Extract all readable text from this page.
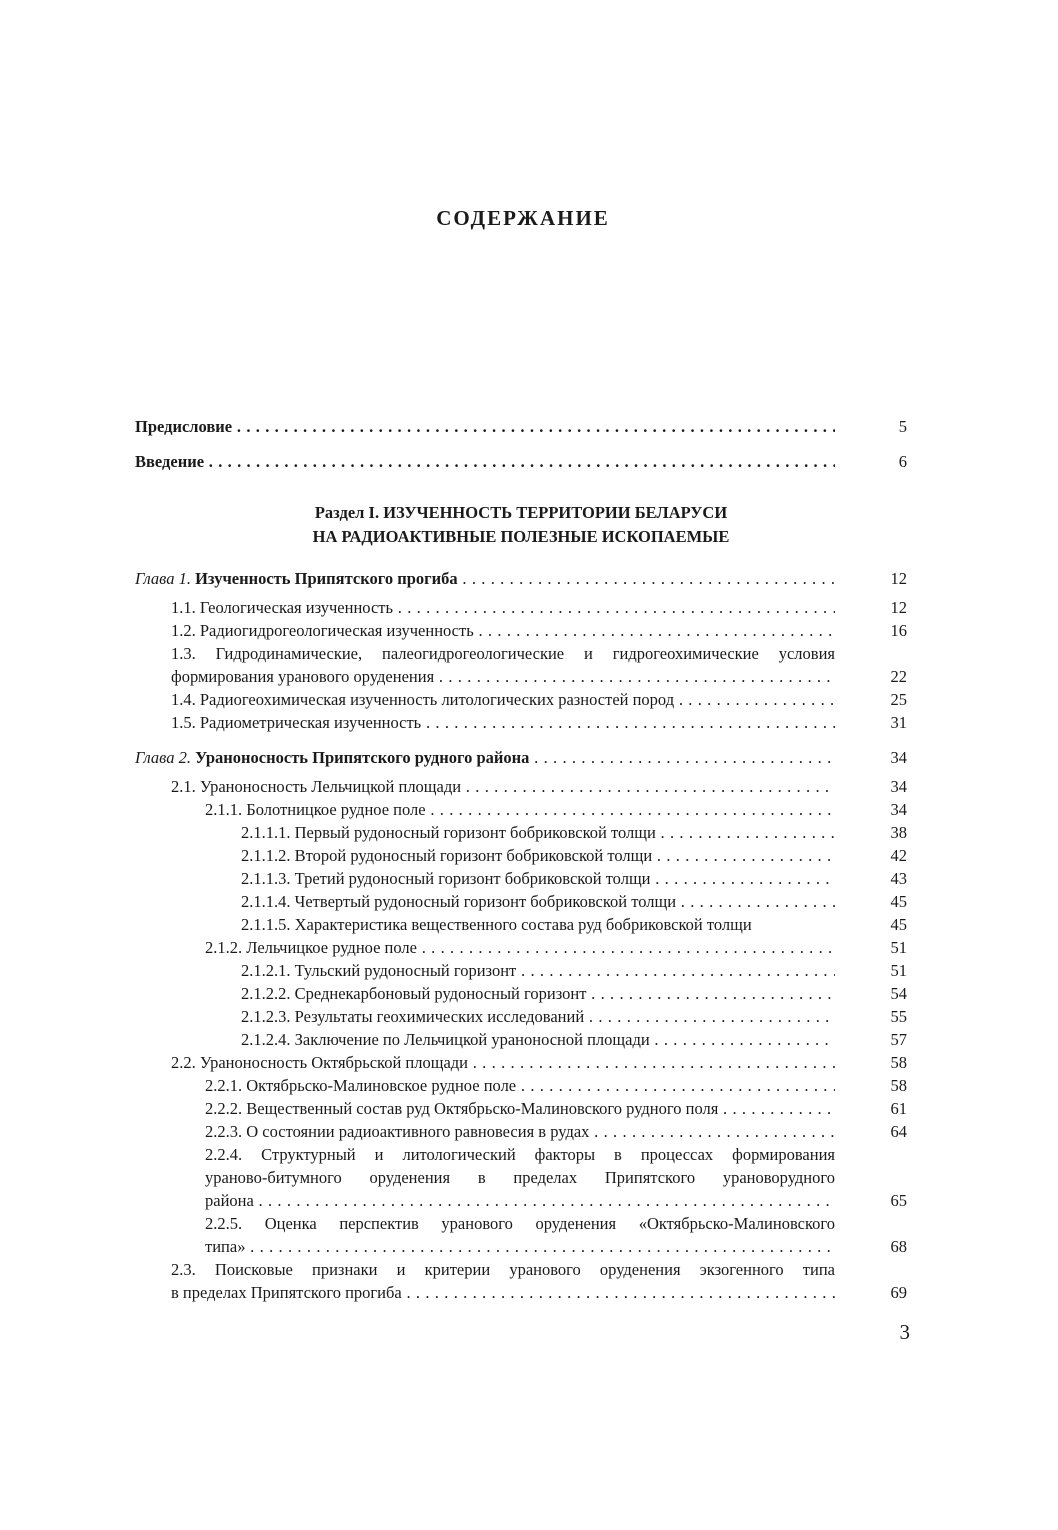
СОДЕРЖАНИЕ
Предисловие . . .	5
Введение . . .	6
Раздел I. ИЗУЧЕННОСТЬ ТЕРРИТОРИИ БЕЛАРУСИ
НА РАДИОАКТИВНЫЕ ПОЛЕЗНЫЕ ИСКОПАЕМЫЕ
Глава 1. Изученность Припятского прогиба . . .	12
1.1. Геологическая изученность . . .	12
1.2. Радиогидрогеологическая изученность . . .	16
1.3. Гидродинамические, палеогидрогеологические и гидрогеохимические условия
формирования уранового оруденения . . .	22
1.4. Радиогеохимическая изученность литологических разностей пород . . .	25
1.5. Радиометрическая изученность . . .	31
Глава 2. Ураноносность Припятского рудного района . . .	34
2.1. Ураноносность Лельчицкой площади . . .	34
2.1.1. Болотницкое рудное поле . . .	34
2.1.1.1. Первый рудоносный горизонт бобриковской толщи . . .	38
2.1.1.2. Второй рудоносный горизонт бобриковской толщи . . .	42
2.1.1.3. Третий рудоносный горизонт бобриковской толщи . . .	43
2.1.1.4. Четвертый рудоносный горизонт бобриковской толщи . . .	45
2.1.1.5. Характеристика вещественного состава руд бобриковской толщи	45
2.1.2. Лельчицкое рудное поле . . .	51
2.1.2.1. Тульский рудоносный горизонт . . .	51
2.1.2.2. Среднекарбоновый рудоносный горизонт . . .	54
2.1.2.3. Результаты геохимических исследований . . .	55
2.1.2.4. Заключение по Лельчицкой ураноносной площади . . .	57
2.2. Ураноносность Октябрьской площади . . .	58
2.2.1. Октябрьско-Малиновское рудное поле . . .	58
2.2.2. Вещественный состав руд Октябрьско-Малиновского рудного поля . . .	61
2.2.3. О состоянии радиоактивного равновесия в рудах . . .	64
2.2.4. Структурный и литологический факторы в процессах формирования
ураново-битумного оруденения в пределах Припятского урановорудного
района . . .	65
2.2.5. Оценка перспектив уранового оруденения «Октябрьско-Малиновского
типа» . . .	68
2.3. Поисковые признаки и критерии уранового оруденения экзогенного типа
в пределах Припятского прогиба . . .	69
3
